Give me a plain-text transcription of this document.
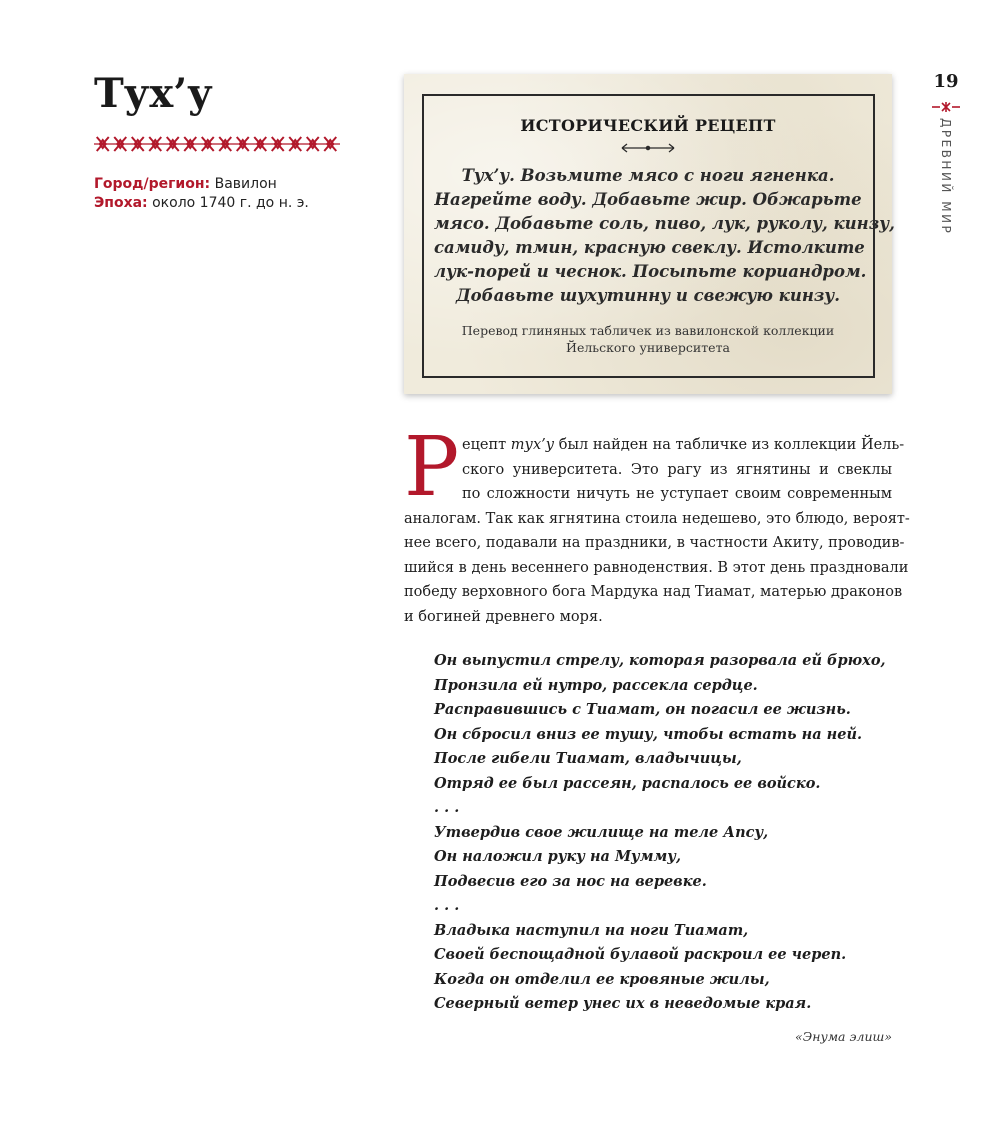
Тух’у
Город/регион: Вавилон
Эпоха: около 1740 г. до н. э.
19
ДРЕВНИЙ МИР
ИСТОРИЧЕСКИЙ РЕЦЕПТ
Тух’у. Возьмите мясо с ноги ягненка.
Нагрейте воду. Добавьте жир. Обжарьте
мясо. Добавьте соль, пиво, лук, руколу, кинзу,
самиду, тмин, красную свеклу. Истолките
лук-порей и чеснок. Посыпьте кориандром.
Добавьте шухутинну и свежую кинзу.
Перевод глиняных табличек из вавилонской коллекции
Йельского университета
Р ецепт тух’у был найден на табличке из коллекции Йель-
ского университета. Это рагу из ягнятины и свеклы
по сложности ничуть не уступает своим современным
аналогам. Так как ягнятина стоила недешево, это блюдо, вероят-
нее всего, подавали на праздники, в частности Акиту, проводив-
шийся в день весеннего равноденствия. В этот день праздновали
победу верховного бога Мардука над Тиамат, матерью драконов
и богиней древнего моря.
Он выпустил стрелу, которая разорвала ей брюхо,
Пронзила ей нутро, рассекла сердце.
Расправившись с Тиамат, он погасил ее жизнь.
Он сбросил вниз ее тушу, чтобы встать на ней.
После гибели Тиамат, владычицы,
Отряд ее был рассеян, распалось ее войско.
. . .
Утвердив свое жилище на теле Апсу,
Он наложил руку на Мумму,
Подвесив его за нос на веревке.
. . .
Владыка наступил на ноги Тиамат,
Своей беспощадной булавой раскроил ее череп.
Когда он отделил ее кровяные жилы,
Северный ветер унес их в неведомые края.
«Энума элиш»
